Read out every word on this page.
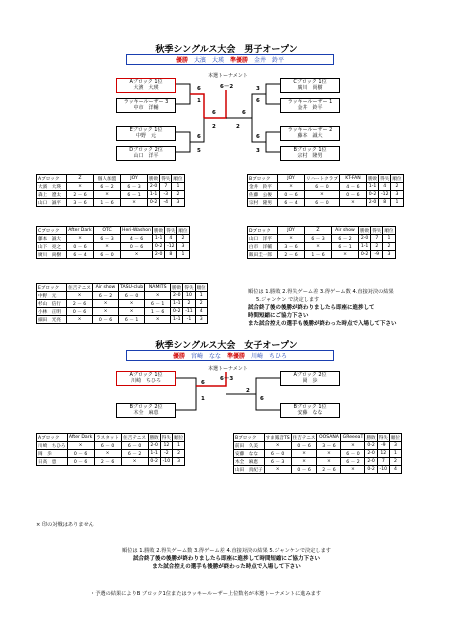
秋季シングルス大会　男子オープン
優勝 大濱　大瑛 準優勝 金井　鈴平
本選トーナメント
6－2
Aブロック 1位
大濱　大瑛
ラッキールーザー 3
中市　洋輔
Eブロック 1位
中野　元
Dブロック 2位
山口　洋平
Cブロック 1位
廣川　尚樹
ラッキールーザー 1
金井　鈴平
ラッキールーザー 2
藤本　誠大
Bブロック 1位
宗村　隆男
6
1
6
5
6
2
6
2
3
6
6
3
Aブロック	Z	個人加盟	JOY	勝敗	得失	順位
大濱　大瑛	×	6 － 2	6 － 3	2-0	7	1
森上　遼太	2 － 6	×	6 － 1	1-1	-3	2
山口　誠平	3 － 6	1 － 6	×	0-2	-4	3
Bブロック	JOY	リハートクラブ	KT-FAN	勝敗	得失	順位
金井　鈴平	×	6 － 0	4 － 6	1-1	4	2
佐藤　公俊	0 － 6	×	0 － 6	0-2	-12	3
宗村　隆男	6 － 4	6 － 0	×	2-0	8	1
Cブロック	After Dark	OTC	Heri-Washon	勝敗	得失	順位
藤本　誠大	×	6 － 3	4 － 6	1-1	4	2
山下　亮之	0 － 6	×	0 － 6	0-2	-12	3
廣川　尚樹	6 － 4	6 － 0	×	2-0	8	1
Dブロック	JOY	Z	Air show	勝敗	得失	順位
山口　洋平	×	6 － 3	6 － 2	2-0	7	1
白市　洋輔	3 － 6	×	6 － 1	1-1	2	2
飯田圭一郎	2 － 6	1 － 6	×	0-2	-9	3
Eブロック	住吉テニス	Air show	TASU-club	NAMITS	勝敗	得失	順位
中野　元	×	6 － 2	6 － 0	×	2-0	10	1
杉山　信行	2 － 6	×	×	6 － 1	1-1	2	2
小林　正明	0 － 6	×	×	1 － 6	0-2	-11	4
細田　光亮	×	0 － 6	6 － 1	×	1-1	-1	3
順位は 1.勝敗 2.得失ゲーム差 3.得ゲーム数 4.直接対決の結果
5.ジャンケン で決定します
試合終了後の後勝が終わりましたら即座に進捗して
時間短縮にご協力下さい
また試合控えの選手も後勝が終わった時点で入場して下さい
秋季シングルス大会　女子オープン
優勝 宮崎　なな 準優勝 川崎　ちひろ
本選トーナメント
6－3
Aブロック 1位
川崎　ちひろ
Bブロック 2位
木全　麻恵
Aブロック 2位
岡　歩
Bブロック 1位
安藤　なな
6
1
2
6
Aブロック	After Dark	ラスタット	住吉テニス	勝敗	得失	順位
川崎　ちひろ	×	6 － 0	6 － 0	2-0	12	1
岡　歩	0 － 6	×	6 － 2	1-1	-2	2
日高　恵	0 － 6	2 － 6	×	0-2	-10	3
Bブロック	すま鳳音TS	住吉テニス	OOSANA	GReeeaT	勝敗	得失	順位
前田　久美	×	0 － 6	3 － 6	×	0-2	-9	3
安藤　なな	6 － 0	×	×	6 － 0	2-0	12	1
木全　麻恵	6 － 3	×	×	6 － 2	2-0	7	2
山田　真紀子	×	0 － 6	2 － 6	×	0-2	-10	4
× 印の対戦はありません
順位は 1.勝敗 2.得失ゲーム数 3.得ゲーム差 4.直接対決の結果 5.ジャンケンで決定します
試合終了後の後勝が終わりましたら即座に進捗して時間短縮にご協力下さい
また試合控えの選手も後勝が終わった時点で入場して下さい
・予選の結果によりB ブロック1位またはラッキールーザー上位数名が本選トーナメントに進みます
